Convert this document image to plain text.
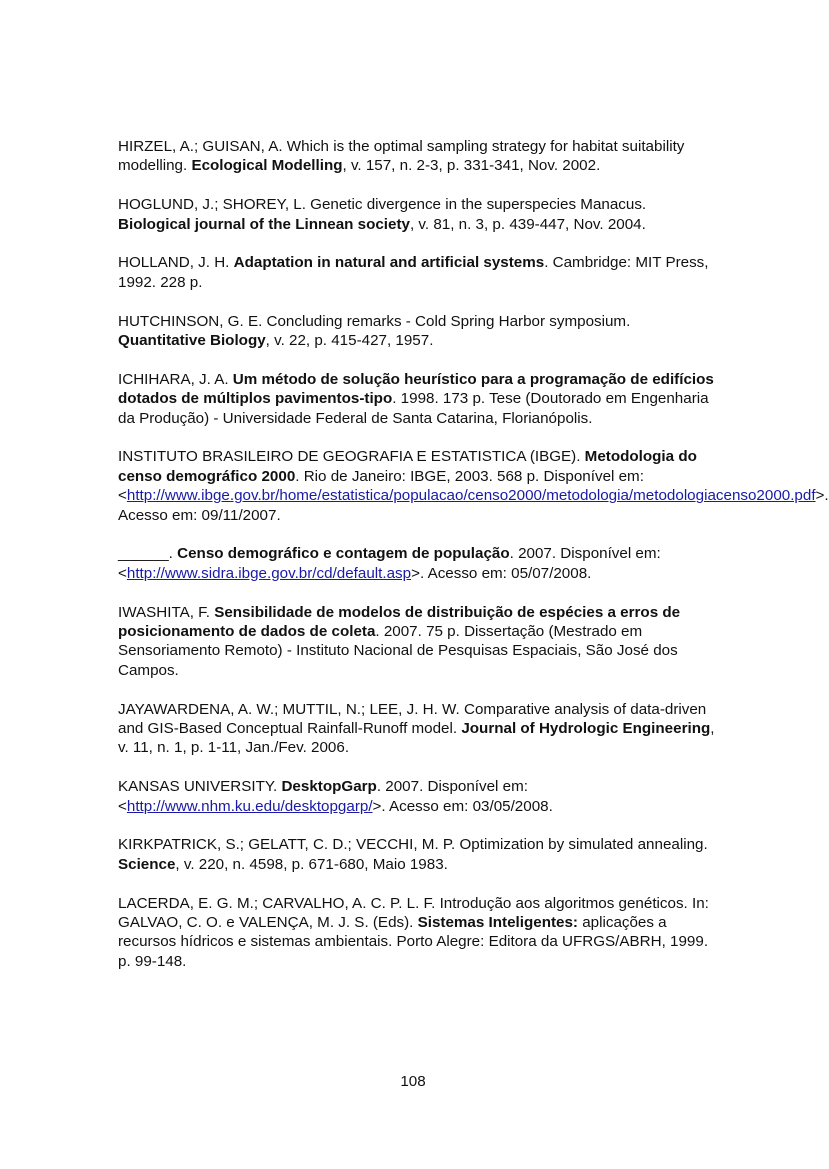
HIRZEL, A.; GUISAN, A. Which is the optimal sampling strategy for habitat suitability modelling. Ecological Modelling, v. 157, n. 2-3, p. 331-341, Nov. 2002.

HOGLUND, J.; SHOREY, L. Genetic divergence in the superspecies Manacus. Biological journal of the Linnean society, v. 81, n. 3, p. 439-447, Nov. 2004.

HOLLAND, J. H. Adaptation in natural and artificial systems. Cambridge: MIT Press, 1992. 228 p.

HUTCHINSON, G. E. Concluding remarks - Cold Spring Harbor symposium. Quantitative Biology, v. 22, p. 415-427, 1957.

ICHIHARA, J. A. Um método de solução heurístico para a programação de edifícios dotados de múltiplos pavimentos-tipo. 1998. 173 p. Tese (Doutorado em Engenharia da Produção) - Universidade Federal de Santa Catarina, Florianópolis.

INSTITUTO BRASILEIRO DE GEOGRAFIA E ESTATISTICA (IBGE). Metodologia do censo demográfico 2000. Rio de Janeiro: IBGE, 2003. 568 p. Disponível em: <http://www.ibge.gov.br/home/estatistica/populacao/censo2000/metodologia/metodologiacenso2000.pdf>. Acesso em: 09/11/2007.

______. Censo demográfico e contagem de população. 2007. Disponível em: <http://www.sidra.ibge.gov.br/cd/default.asp>. Acesso em: 05/07/2008.

IWASHITA, F. Sensibilidade de modelos de distribuição de espécies a erros de posicionamento de dados de coleta. 2007. 75 p. Dissertação (Mestrado em Sensoriamento Remoto) - Instituto Nacional de Pesquisas Espaciais, São José dos Campos.

JAYAWARDENA, A. W.; MUTTIL, N.; LEE, J. H. W. Comparative analysis of data-driven and GIS-Based Conceptual Rainfall-Runoff model. Journal of Hydrologic Engineering, v. 11, n. 1, p. 1-11, Jan./Fev. 2006.

KANSAS UNIVERSITY. DesktopGarp. 2007. Disponível em: <http://www.nhm.ku.edu/desktopgarp/>. Acesso em: 03/05/2008.

KIRKPATRICK, S.; GELATT, C. D.; VECCHI, M. P. Optimization by simulated annealing. Science, v. 220, n. 4598, p. 671-680, Maio 1983.

LACERDA, E. G. M.; CARVALHO, A. C. P. L. F. Introdução aos algoritmos genéticos. In: GALVAO, C. O. e VALENÇA, M. J. S. (Eds). Sistemas Inteligentes: aplicações a recursos hídricos e sistemas ambientais. Porto Alegre: Editora da UFRGS/ABRH, 1999. p. 99-148.

108
